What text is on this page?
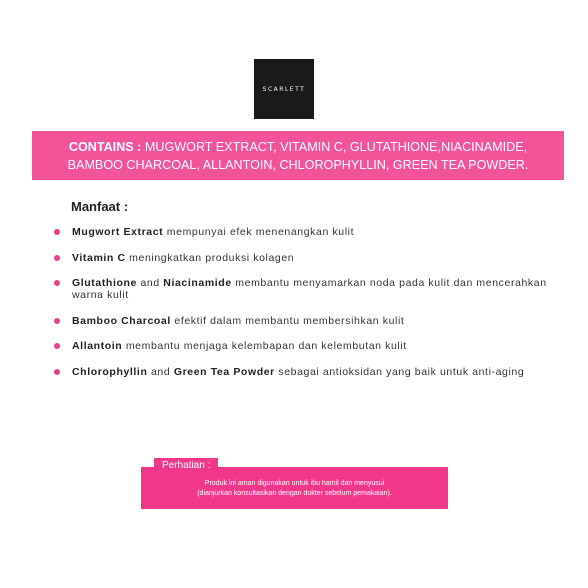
SCARLETT
CONTAINS : MUGWORT EXTRACT, VITAMIN C, GLUTATHIONE,NIACINAMIDE,
BAMBOO CHARCOAL, ALLANTOIN, CHLOROPHYLLIN, GREEN TEA POWDER.
Manfaat :
Mugwort Extract mempunyai efek menenangkan kulit
Vitamin C meningkatkan produksi kolagen
Glutathione and Niacinamide membantu menyamarkan noda pada kulit dan mencerahkan warna kulit
Bamboo Charcoal efektif dalam membantu membersihkan kulit
Allantoin membantu menjaga kelembapan dan kelembutan kulit
Chlorophyllin and Green Tea Powder sebagai antioksidan yang baik untuk anti-aging
Perhatian :
Produk ini aman digunakan untuk ibu hamil dan menyusui
(dianjurkan konsultasikan dengan dokter sebelum pemakaian).
